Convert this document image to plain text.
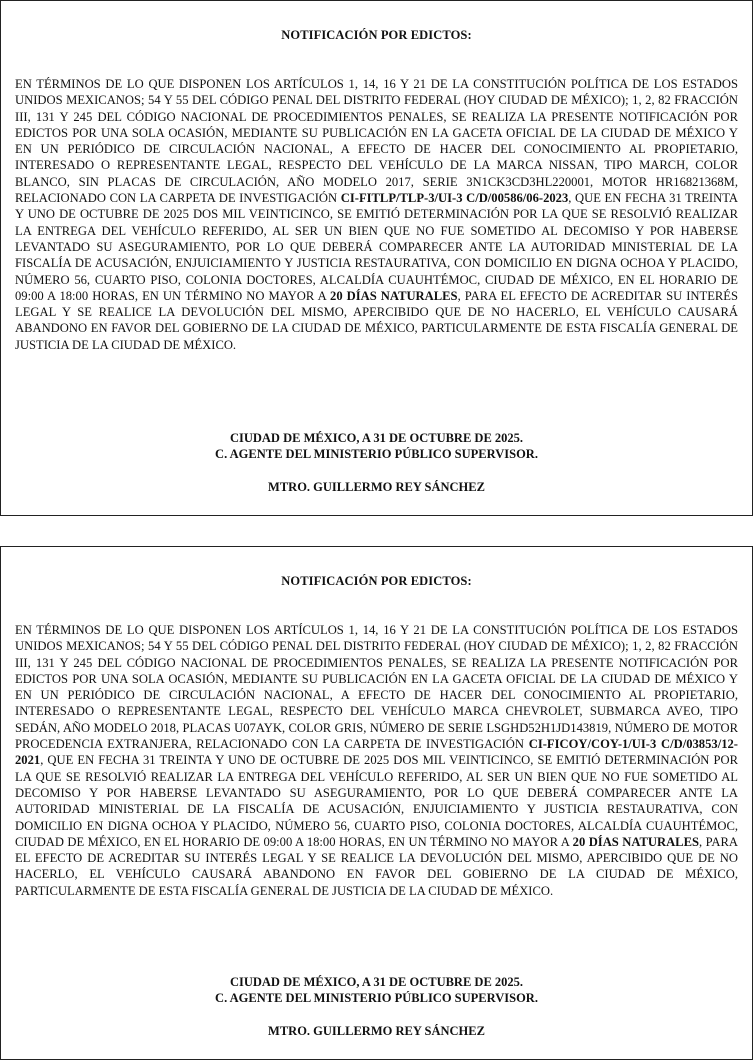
NOTIFICACIÓN POR EDICTOS:
EN TÉRMINOS DE LO QUE DISPONEN LOS ARTÍCULOS 1, 14, 16 Y 21 DE LA CONSTITUCIÓN POLÍTICA DE LOS ESTADOS UNIDOS MEXICANOS; 54 Y 55 DEL CÓDIGO PENAL DEL DISTRITO FEDERAL (HOY CIUDAD DE MÉXICO); 1, 2, 82 FRACCIÓN III, 131 Y 245 DEL CÓDIGO NACIONAL DE PROCEDIMIENTOS PENALES, SE REALIZA LA PRESENTE NOTIFICACIÓN POR EDICTOS POR UNA SOLA OCASIÓN, MEDIANTE SU PUBLICACIÓN EN LA GACETA OFICIAL DE LA CIUDAD DE MÉXICO Y EN UN PERIÓDICO DE CIRCULACIÓN NACIONAL, A EFECTO DE HACER DEL CONOCIMIENTO AL PROPIETARIO, INTERESADO O REPRESENTANTE LEGAL, RESPECTO DEL VEHÍCULO DE LA MARCA NISSAN, TIPO MARCH, COLOR BLANCO, SIN PLACAS DE CIRCULACIÓN, AÑO MODELO 2017, SERIE 3N1CK3CD3HL220001, MOTOR HR16821368M, RELACIONADO CON LA CARPETA DE INVESTIGACIÓN CI-FITLP/TLP-3/UI-3 C/D/00586/06-2023, QUE EN FECHA 31 TREINTA Y UNO DE OCTUBRE DE 2025 DOS MIL VEINTICINCO, SE EMITIÓ DETERMINACIÓN POR LA QUE SE RESOLVIÓ REALIZAR LA ENTREGA DEL VEHÍCULO REFERIDO, AL SER UN BIEN QUE NO FUE SOMETIDO AL DECOMISO Y POR HABERSE LEVANTADO SU ASEGURAMIENTO, POR LO QUE DEBERÁ COMPARECER ANTE LA AUTORIDAD MINISTERIAL DE LA FISCALÍA DE ACUSACIÓN, ENJUICIAMIENTO Y JUSTICIA RESTAURATIVA, CON DOMICILIO EN DIGNA OCHOA Y PLACIDO, NÚMERO 56, CUARTO PISO, COLONIA DOCTORES, ALCALDÍA CUAUHTÉMOC, CIUDAD DE MÉXICO, EN EL HORARIO DE 09:00 A 18:00 HORAS, EN UN TÉRMINO NO MAYOR A 20 DÍAS NATURALES, PARA EL EFECTO DE ACREDITAR SU INTERÉS LEGAL Y SE REALICE LA DEVOLUCIÓN DEL MISMO, APERCIBIDO QUE DE NO HACERLO, EL VEHÍCULO CAUSARÁ ABANDONO EN FAVOR DEL GOBIERNO DE LA CIUDAD DE MÉXICO, PARTICULARMENTE DE ESTA FISCALÍA GENERAL DE JUSTICIA DE LA CIUDAD DE MÉXICO.
CIUDAD DE MÉXICO, A 31 DE OCTUBRE DE 2025.
C. AGENTE DEL MINISTERIO PÚBLICO SUPERVISOR.
MTRO. GUILLERMO REY SÁNCHEZ
NOTIFICACIÓN POR EDICTOS:
EN TÉRMINOS DE LO QUE DISPONEN LOS ARTÍCULOS 1, 14, 16 Y 21 DE LA CONSTITUCIÓN POLÍTICA DE LOS ESTADOS UNIDOS MEXICANOS; 54 Y 55 DEL CÓDIGO PENAL DEL DISTRITO FEDERAL (HOY CIUDAD DE MÉXICO); 1, 2, 82 FRACCIÓN III, 131 Y 245 DEL CÓDIGO NACIONAL DE PROCEDIMIENTOS PENALES, SE REALIZA LA PRESENTE NOTIFICACIÓN POR EDICTOS POR UNA SOLA OCASIÓN, MEDIANTE SU PUBLICACIÓN EN LA GACETA OFICIAL DE LA CIUDAD DE MÉXICO Y EN UN PERIÓDICO DE CIRCULACIÓN NACIONAL, A EFECTO DE HACER DEL CONOCIMIENTO AL PROPIETARIO, INTERESADO O REPRESENTANTE LEGAL, RESPECTO DEL VEHÍCULO MARCA CHEVROLET, SUBMARCA AVEO, TIPO SEDÁN, AÑO MODELO 2018, PLACAS U07AYK, COLOR GRIS, NÚMERO DE SERIE LSGHD52H1JD143819, NÚMERO DE MOTOR PROCEDENCIA EXTRANJERA, RELACIONADO CON LA CARPETA DE INVESTIGACIÓN CI-FICOY/COY-1/UI-3 C/D/03853/12-2021, QUE EN FECHA 31 TREINTA Y UNO DE OCTUBRE DE 2025 DOS MIL VEINTICINCO, SE EMITIÓ DETERMINACIÓN POR LA QUE SE RESOLVIÓ REALIZAR LA ENTREGA DEL VEHÍCULO REFERIDO, AL SER UN BIEN QUE NO FUE SOMETIDO AL DECOMISO Y POR HABERSE LEVANTADO SU ASEGURAMIENTO, POR LO QUE DEBERÁ COMPARECER ANTE LA AUTORIDAD MINISTERIAL DE LA FISCALÍA DE ACUSACIÓN, ENJUICIAMIENTO Y JUSTICIA RESTAURATIVA, CON DOMICILIO EN DIGNA OCHOA Y PLACIDO, NÚMERO 56, CUARTO PISO, COLONIA DOCTORES, ALCALDÍA CUAUHTÉMOC, CIUDAD DE MÉXICO, EN EL HORARIO DE 09:00 A 18:00 HORAS, EN UN TÉRMINO NO MAYOR A 20 DÍAS NATURALES, PARA EL EFECTO DE ACREDITAR SU INTERÉS LEGAL Y SE REALICE LA DEVOLUCIÓN DEL MISMO, APERCIBIDO QUE DE NO HACERLO, EL VEHÍCULO CAUSARÁ ABANDONO EN FAVOR DEL GOBIERNO DE LA CIUDAD DE MÉXICO, PARTICULARMENTE DE ESTA FISCALÍA GENERAL DE JUSTICIA DE LA CIUDAD DE MÉXICO.
CIUDAD DE MÉXICO, A 31 DE OCTUBRE DE 2025.
C. AGENTE DEL MINISTERIO PÚBLICO SUPERVISOR.
MTRO. GUILLERMO REY SÁNCHEZ
